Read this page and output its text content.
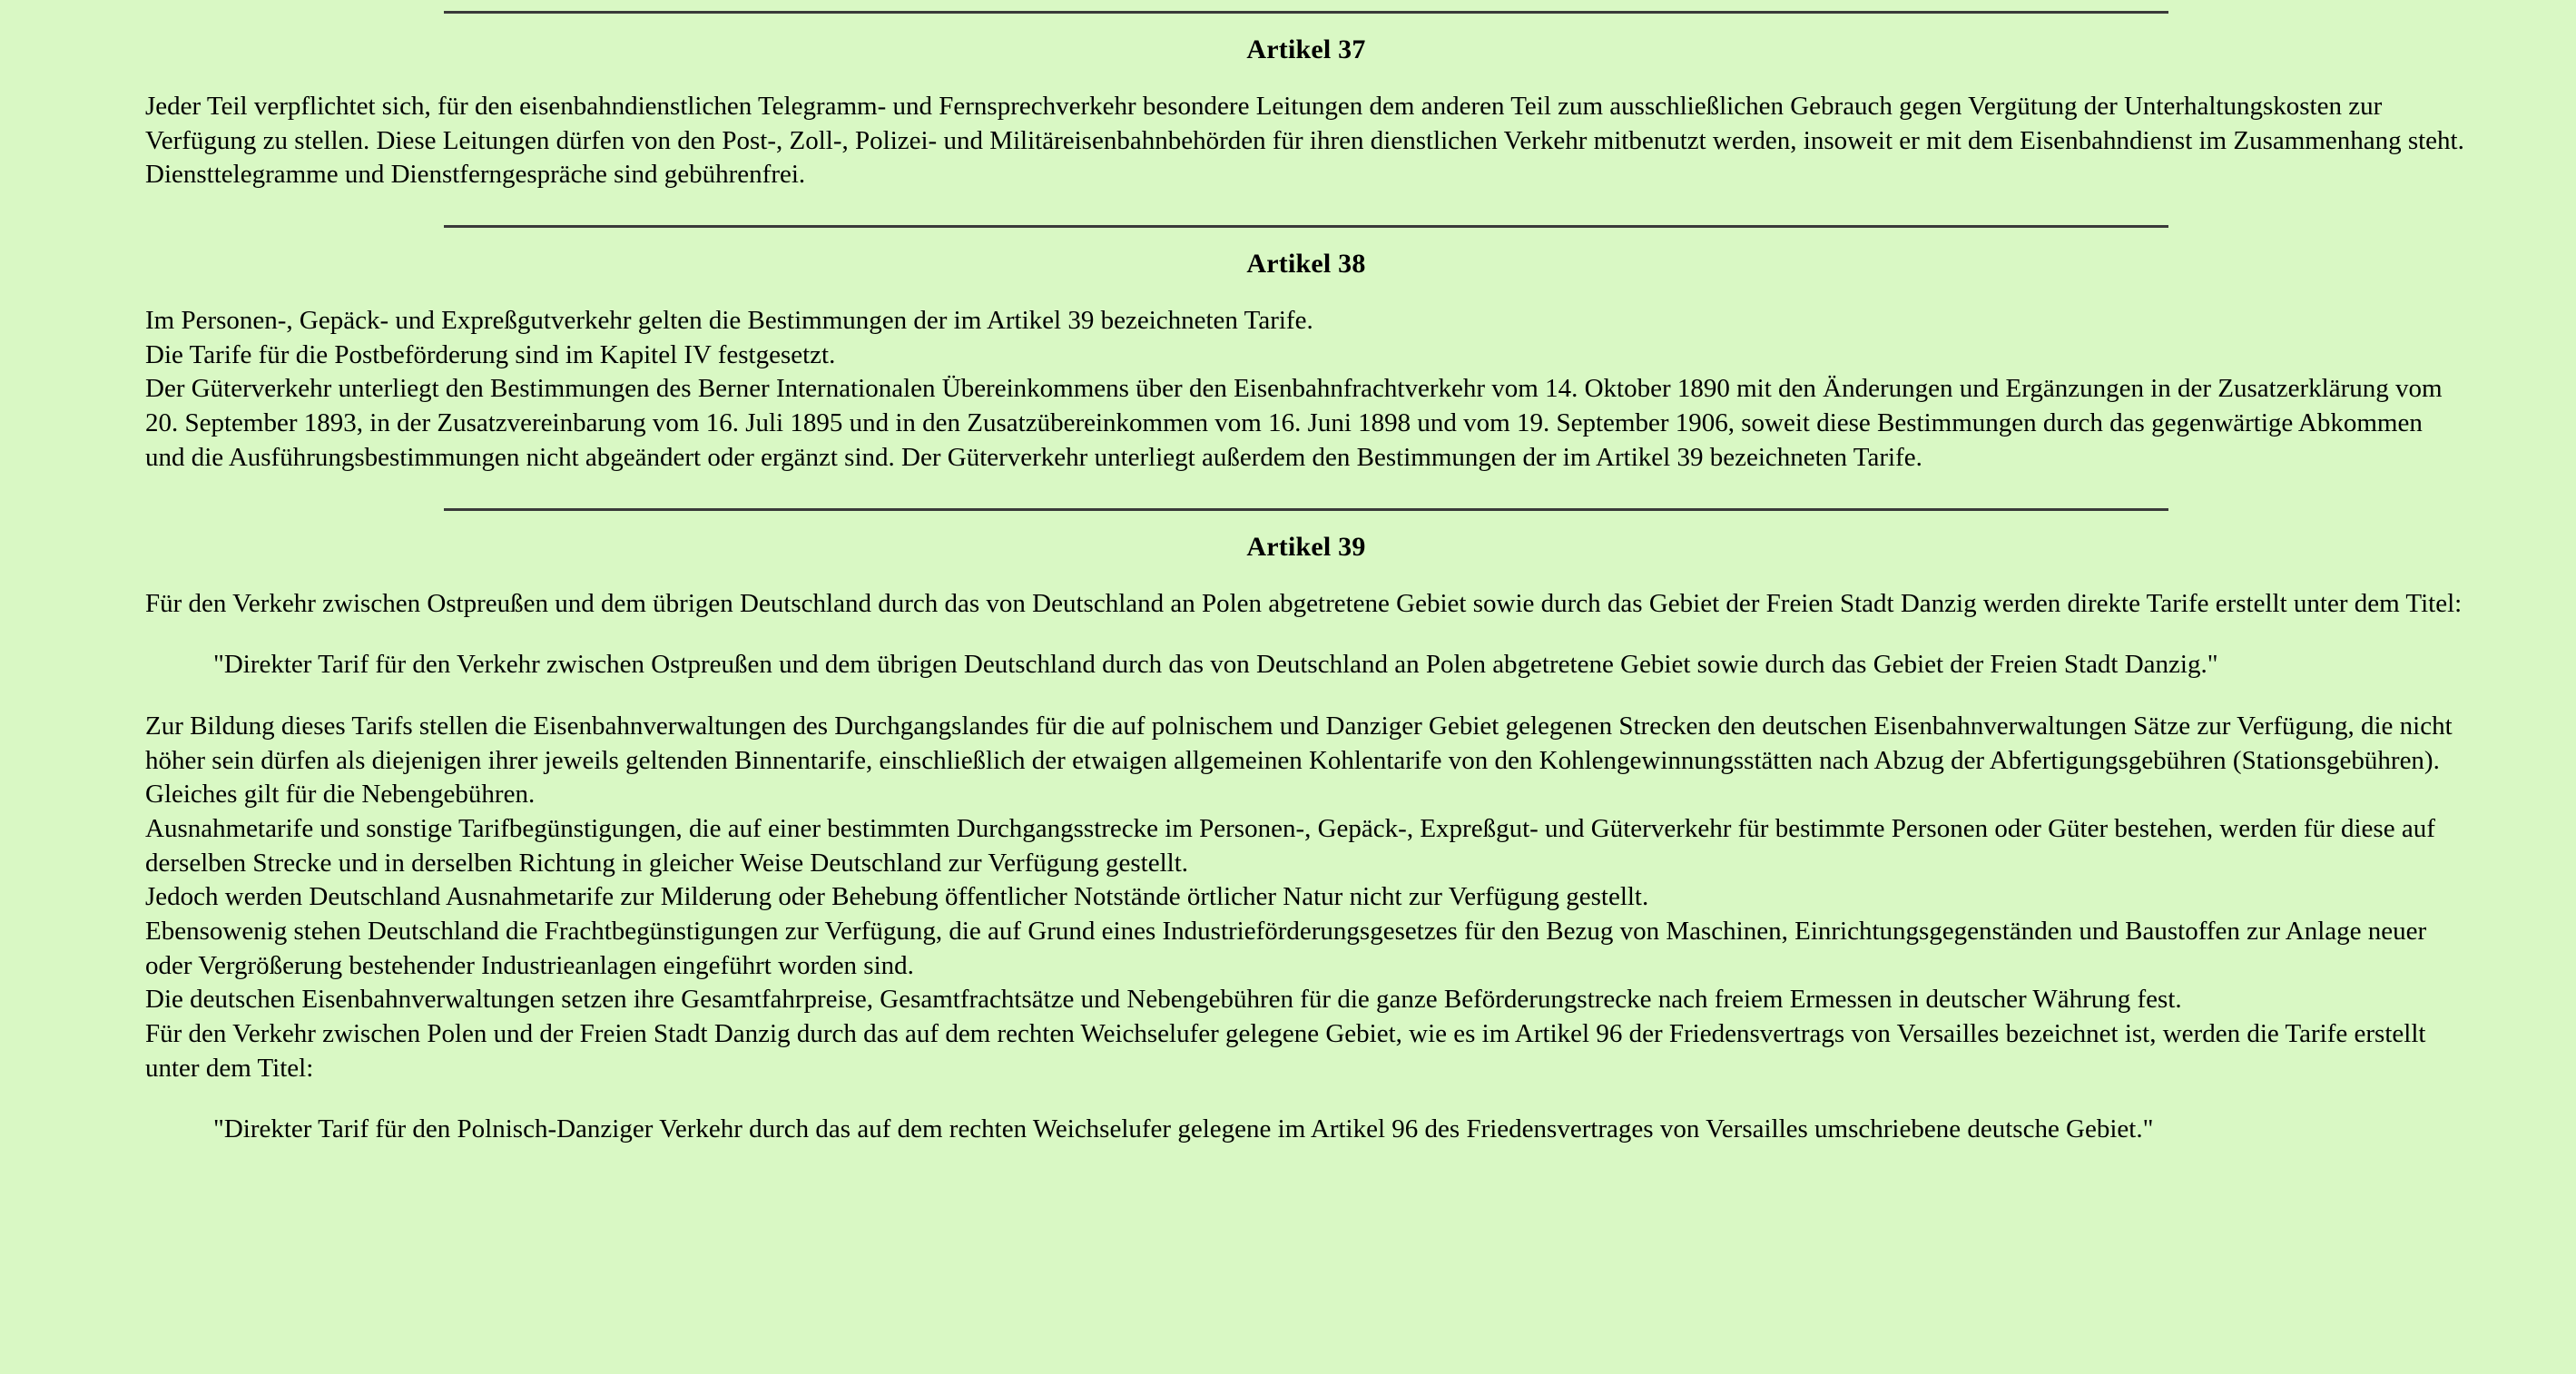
Artikel 37

Jeder Teil verpflichtet sich, für den eisenbahndienstlichen Telegramm- und Fernsprechverkehr besondere Leitungen dem anderen Teil zum ausschließlichen Gebrauch gegen Vergütung der Unterhaltungskosten zur Verfügung zu stellen. Diese Leitungen dürfen von den Post-, Zoll-, Polizei- und Militäreisenbahnbehörden für ihren dienstlichen Verkehr mitbenutzt werden, insoweit er mit dem Eisenbahndienst im Zusammenhang steht.

Diensttelegramme und Dienstferngespräche sind gebührenfrei.

Artikel 38

Im Personen-, Gepäck- und Expreßgutverkehr gelten die Bestimmungen der im Artikel 39 bezeichneten Tarife.

Die Tarife für die Postbeförderung sind im Kapitel IV festgesetzt.

Der Güterverkehr unterliegt den Bestimmungen des Berner Internationalen Übereinkommens über den Eisenbahnfrachtverkehr vom 14. Oktober 1890 mit den Änderungen und Ergänzungen in der Zusatzerklärung vom 20. September 1893, in der Zusatzvereinbarung vom 16. Juli 1895 und in den Zusatzübereinkommen vom 16. Juni 1898 und vom 19. September 1906, soweit diese Bestimmungen durch das gegenwärtige Abkommen und die Ausführungsbestimmungen nicht abgeändert oder ergänzt sind. Der Güterverkehr unterliegt außerdem den Bestimmungen der im Artikel 39 bezeichneten Tarife.

Artikel 39

Für den Verkehr zwischen Ostpreußen und dem übrigen Deutschland durch das von Deutschland an Polen abgetretene Gebiet sowie durch das Gebiet der Freien Stadt Danzig werden direkte Tarife erstellt unter dem Titel:

"Direkter Tarif für den Verkehr zwischen Ostpreußen und dem übrigen Deutschland durch das von Deutschland an Polen abgetretene Gebiet sowie durch das Gebiet der Freien Stadt Danzig."

Zur Bildung dieses Tarifs stellen die Eisenbahnverwaltungen des Durchgangslandes für die auf polnischem und Danziger Gebiet gelegenen Strecken den deutschen Eisenbahnverwaltungen Sätze zur Verfügung, die nicht höher sein dürfen als diejenigen ihrer jeweils geltenden Binnentarife, einschließlich der etwaigen allgemeinen Kohlentarife von den Kohlengewinnungsstätten nach Abzug der Abfertigungsgebühren (Stationsgebühren). Gleiches gilt für die Nebengebühren.

Ausnahmetarife und sonstige Tarifbegünstigungen, die auf einer bestimmten Durchgangsstrecke im Personen-, Gepäck-, Expreßgut- und Güterverkehr für bestimmte Personen oder Güter bestehen, werden für diese auf derselben Strecke und in derselben Richtung in gleicher Weise Deutschland zur Verfügung gestellt.

Jedoch werden Deutschland Ausnahmetarife zur Milderung oder Behebung öffentlicher Notstände örtlicher Natur nicht zur Verfügung gestellt.

Ebensowenig stehen Deutschland die Frachtbegünstigungen zur Verfügung, die auf Grund eines Industrieförderungsgesetzes für den Bezug von Maschinen, Einrichtungsgegenständen und Baustoffen zur Anlage neuer oder Vergrößerung bestehender Industrieanlagen eingeführt worden sind.

Die deutschen Eisenbahnverwaltungen setzen ihre Gesamtfahrpreise, Gesamtfrachtsätze und Nebengebühren für die ganze Beförderungstrecke nach freiem Ermessen in deutscher Währung fest.

Für den Verkehr zwischen Polen und der Freien Stadt Danzig durch das auf dem rechten Weichselufer gelegene Gebiet, wie es im Artikel 96 der Friedensvertrags von Versailles bezeichnet ist, werden die Tarife erstellt unter dem Titel:

"Direkter Tarif für den Polnisch-Danziger Verkehr durch das auf dem rechten Weichselufer gelegene im Artikel 96 des Friedensvertrages von Versailles umschriebene deutsche Gebiet."
